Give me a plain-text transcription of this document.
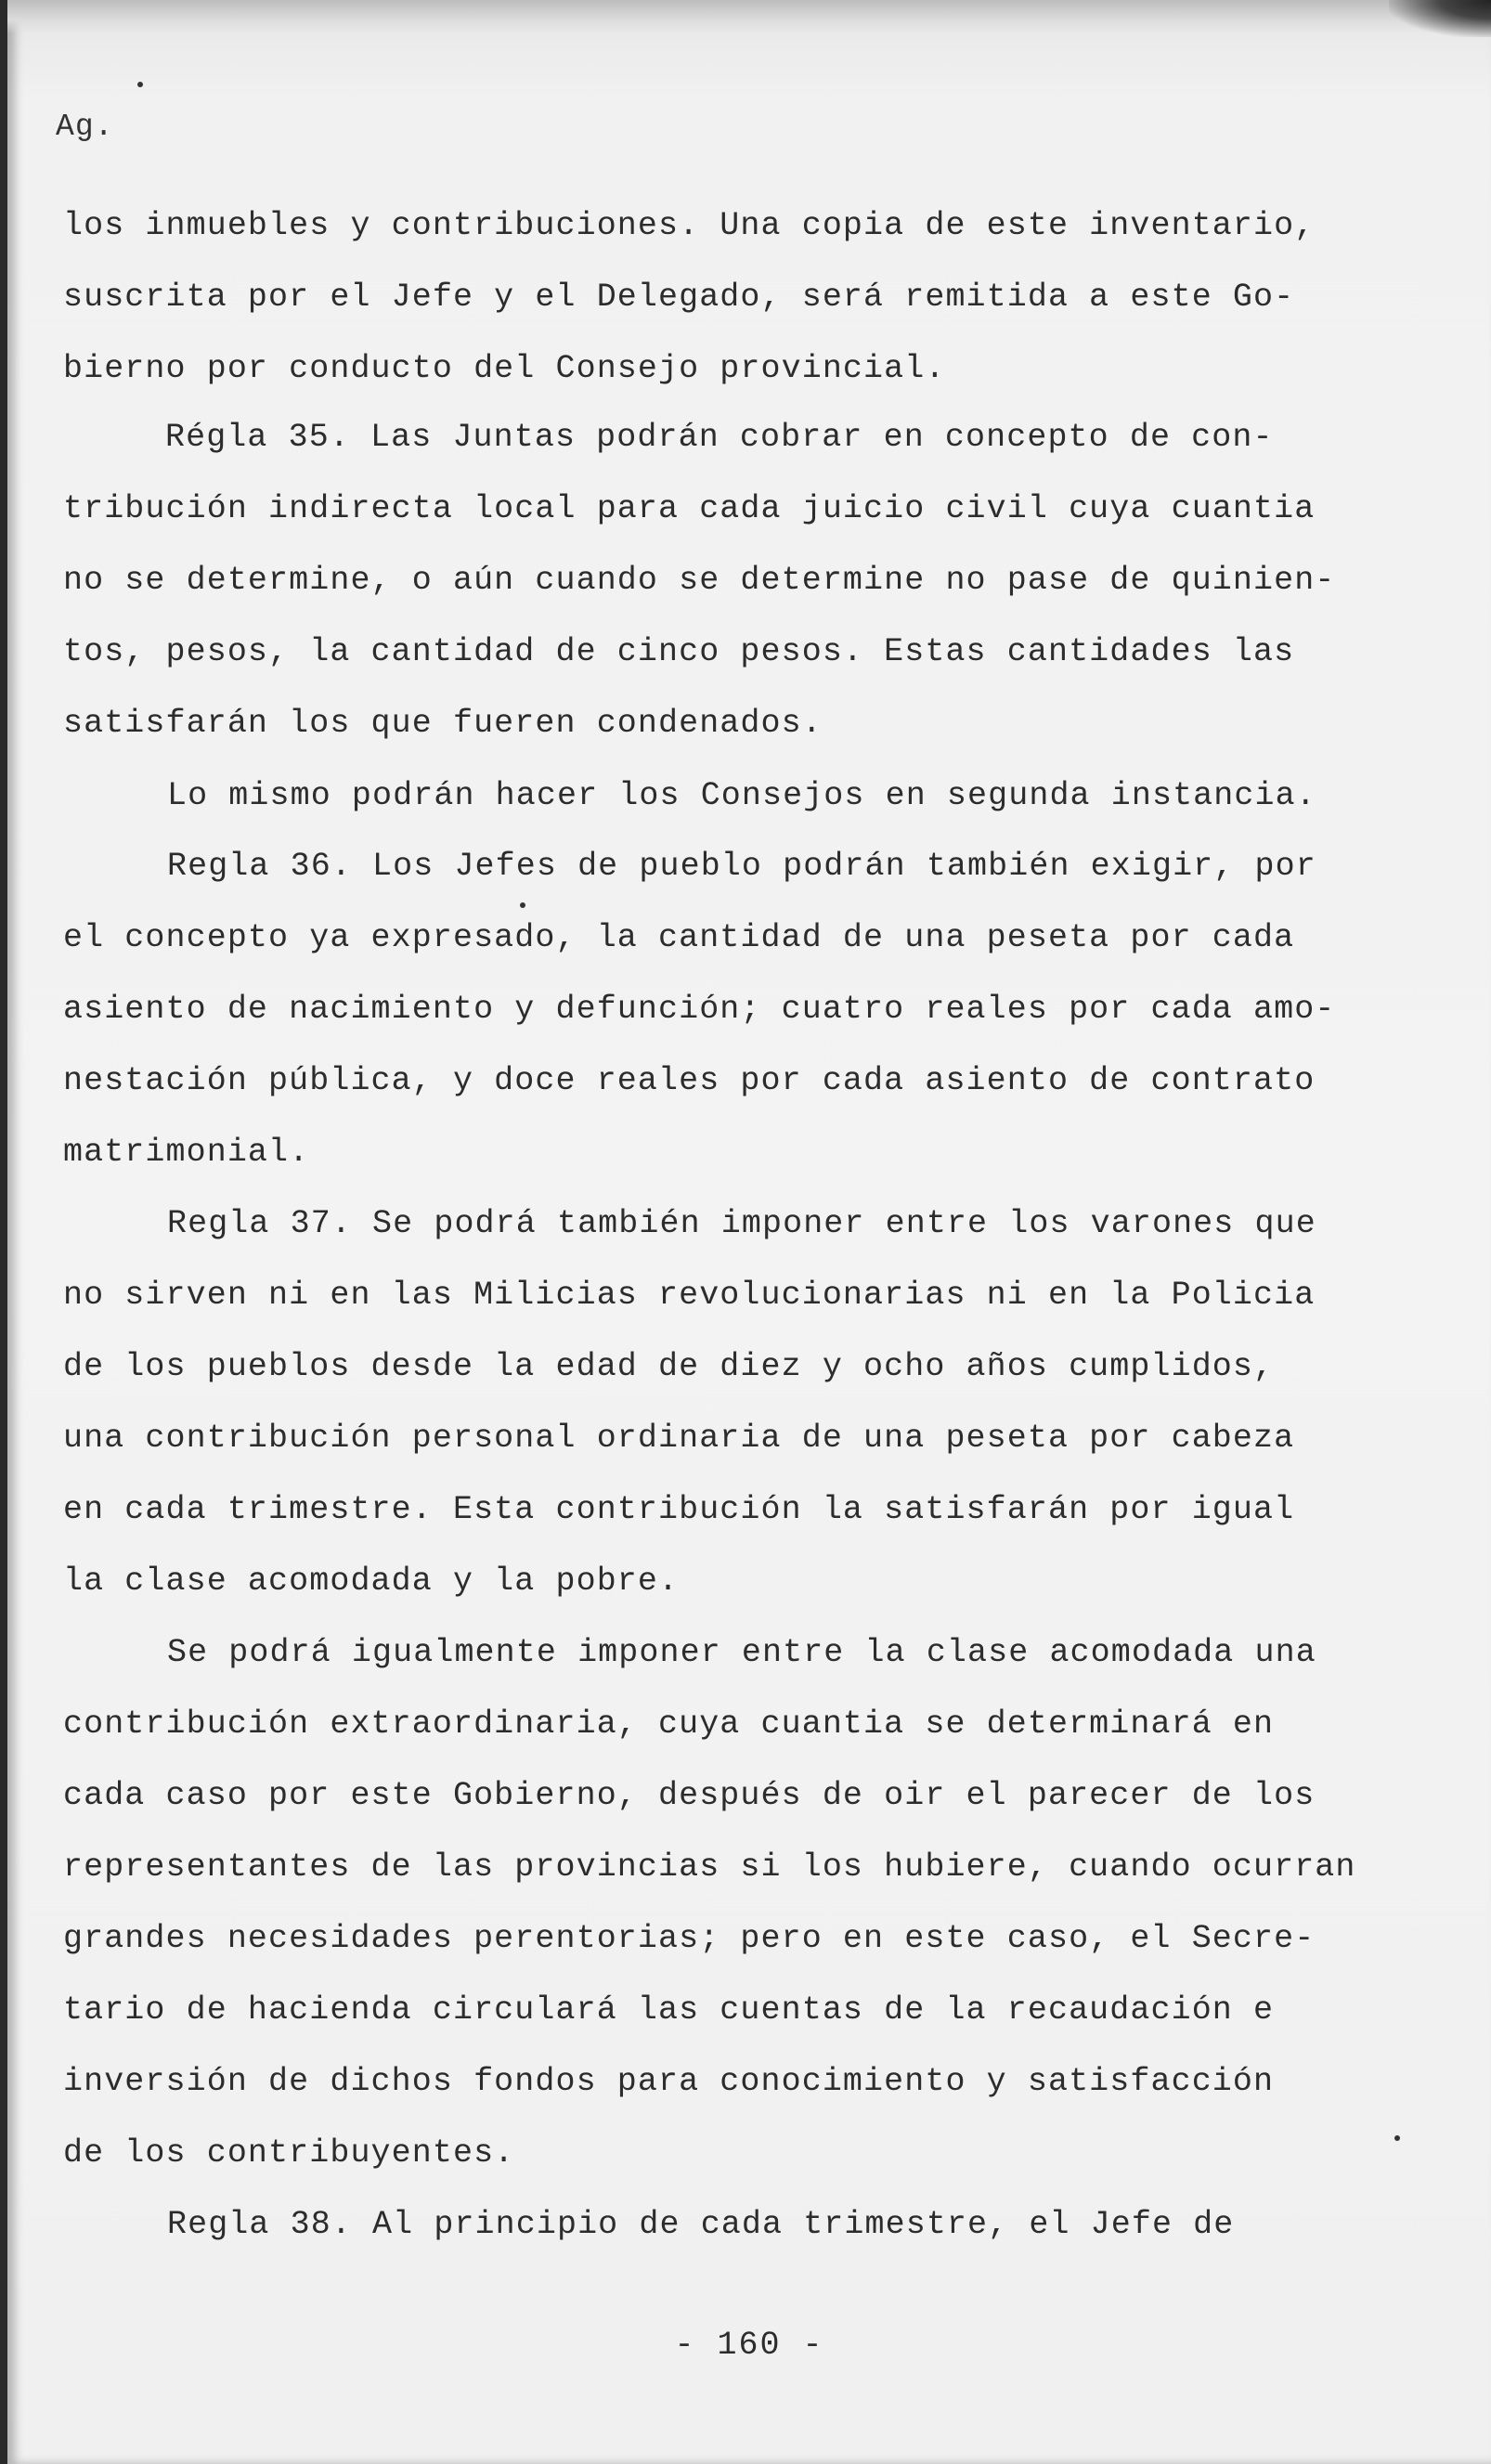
Ag.
los inmuebles y contribuciones. Una copia de este inventario,
suscrita por el Jefe y el Delegado, será remitida a este Go-
bierno por conducto del Consejo provincial.
Régla 35. Las Juntas podrán cobrar en concepto de con-
tribución indirecta local para cada juicio civil cuya cuantia
no se determine, o aún cuando se determine no pase de quinien-
tos, pesos, la cantidad de cinco pesos. Estas cantidades las
satisfarán los que fueren condenados.
Lo mismo podrán hacer los Consejos en segunda instancia.
Regla 36. Los Jefes de pueblo podrán también exigir, por
el concepto ya expresado, la cantidad de una peseta por cada
asiento de nacimiento y defunción; cuatro reales por cada amo-
nestación pública, y doce reales por cada asiento de contrato
matrimonial.
Regla 37. Se podrá también imponer entre los varones que
no sirven ni en las Milicias revolucionarias ni en la Policia
de los pueblos desde la edad de diez y ocho años cumplidos,
una contribución personal ordinaria de una peseta por cabeza
en cada trimestre. Esta contribución la satisfarán por igual
la clase acomodada y la pobre.
Se podrá igualmente imponer entre la clase acomodada una
contribución extraordinaria, cuya cuantia se determinará en
cada caso por este Gobierno, después de oir el parecer de los
representantes de las provincias si los hubiere, cuando ocurran
grandes necesidades perentorias; pero en este caso, el Secre-
tario de hacienda circulará las cuentas de la recaudación e
inversión de dichos fondos para conocimiento y satisfacción
de los contribuyentes.
Regla 38. Al principio de cada trimestre, el Jefe de
- 160 -
